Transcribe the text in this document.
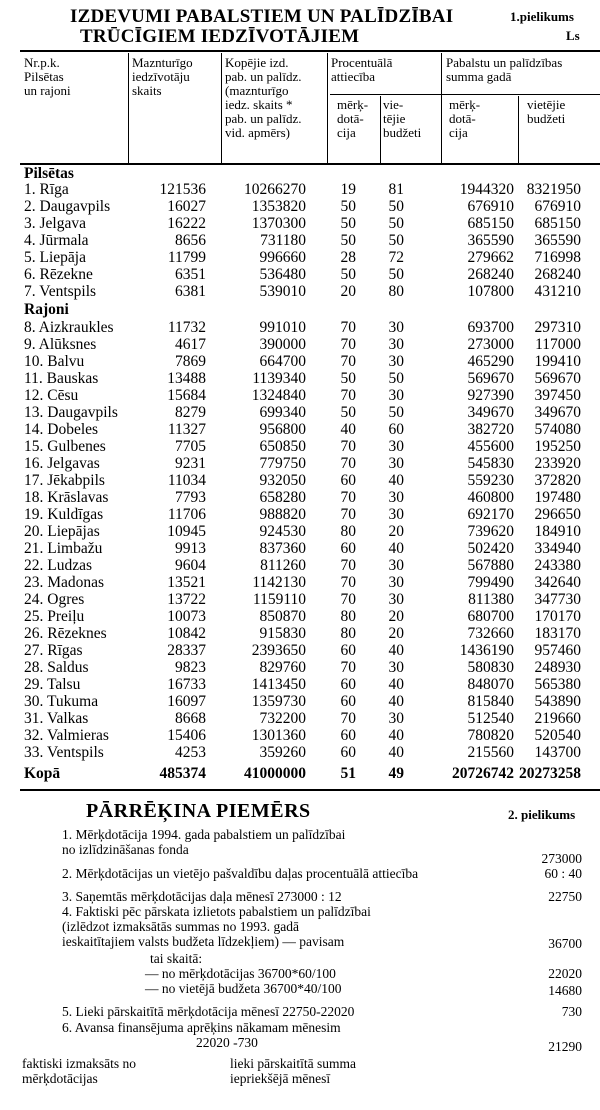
IZDEVUMI PABALSTIEM UN PALĪDZĪBAI
TRŪCĪGIEM IEDZĪVOTĀJIEM
1.pielikums
Ls
Nr.p.k.
Pilsētas
un rajoni
Maznturīgo
iedzīvotāju
skaits
Kopējie izd.
pab. un palīdz.
(maznturīgo
iedz. skaits *
pab. un palīdz.
vid. apmērs)
Procentuālā
attiecība
mērķ-
dotā-
cija
vie-
tējie
budžeti
Pabalstu un palīdzības
summa gadā
mērķ-
dotā-
cija
vietējie
budžeti
Pilsētas
1. Rīga	121536	10266270	19	81	1944320 8321950
2. Daugavpils	16027	1353820	50	50	676910	676910
3. Jelgava	16222	1370300	50	50	685150	685150
4. Jūrmala	8656	731180	50	50	365590	365590
5. Liepāja	11799	996660	28	72	279662	716998
6. Rēzekne	6351	536480	50	50	268240	268240
7. Ventspils	6381	539010	20	80	107800	431210
Rajoni
8. Aizkraukles	11732	991010	70	30	693700	297310
9. Alūksnes	4617	390000	70	30	273000	117000
10. Balvu	7869	664700	70	30	465290	199410
11. Bauskas	13488	1139340	50	50	569670	569670
12. Cēsu	15684	1324840	70	30	927390	397450
13. Daugavpils	8279	699340	50	50	349670	349670
14. Dobeles	11327	956800	40	60	382720	574080
15. Gulbenes	7705	650850	70	30	455600	195250
16. Jelgavas	9231	779750	70	30	545830	233920
17. Jēkabpils	11034	932050	60	40	559230	372820
18. Krāslavas	7793	658280	70	30	460800	197480
19. Kuldīgas	11706	988820	70	30	692170	296650
20. Liepājas	10945	924530	80	20	739620	184910
21. Limbažu	9913	837360	60	40	502420	334940
22. Ludzas	9604	811260	70	30	567880	243380
23. Madonas	13521	1142130	70	30	799490	342640
24. Ogres	13722	1159110	70	30	811380	347730
25. Preiļu	10073	850870	80	20	680700	170170
26. Rēzeknes	10842	915830	80	20	732660	183170
27. Rīgas	28337	2393650	60	40	1436190	957460
28. Saldus	9823	829760	70	30	580830	248930
29. Talsu	16733	1413450	60	40	848070	565380
30. Tukuma	16097	1359730	60	40	815840	543890
31. Valkas	8668	732200	70	30	512540	219660
32. Valmieras	15406	1301360	60	40	780820	520540
33. Ventspils	4253	359260	60	40	215560	143700
Kopā	485374	41000000	51	49	20726742 20273258
PĀRRĒĶINA PIEMĒRS	2. pielikums
1. Mērķdotācija 1994. gada pabalstiem un palīdzībai
no izlīdzināšanas fonda
273000
2. Mērķdotācijas un vietējo pašvaldību daļas procentuālā attiecība	60 : 40
3. Saņemtās mērķdotācijas daļa mēnesī 273000 : 12	22750
4. Faktiski pēc pārskata izlietots pabalstiem un palīdzībai
(izlēdzot izmaksātās summas no 1993. gadā
ieskaitītajiem valsts budžeta līdzekļiem) — pavisam	36700
tai skaitā:
— no mērķdotācijas 36700*60/100	22020
— no vietējā budžeta 36700*40/100	14680
5. Lieki pārskaitītā mērķdotācija mēnesī 22750-22020	730
6. Avansa finansējuma aprēķins nākamam mēnesim
22020 -730	21290
faktiski izmaksāts no
mērķdotācijas
lieki pārskaitītā summa
iepriekšējā mēnesī
